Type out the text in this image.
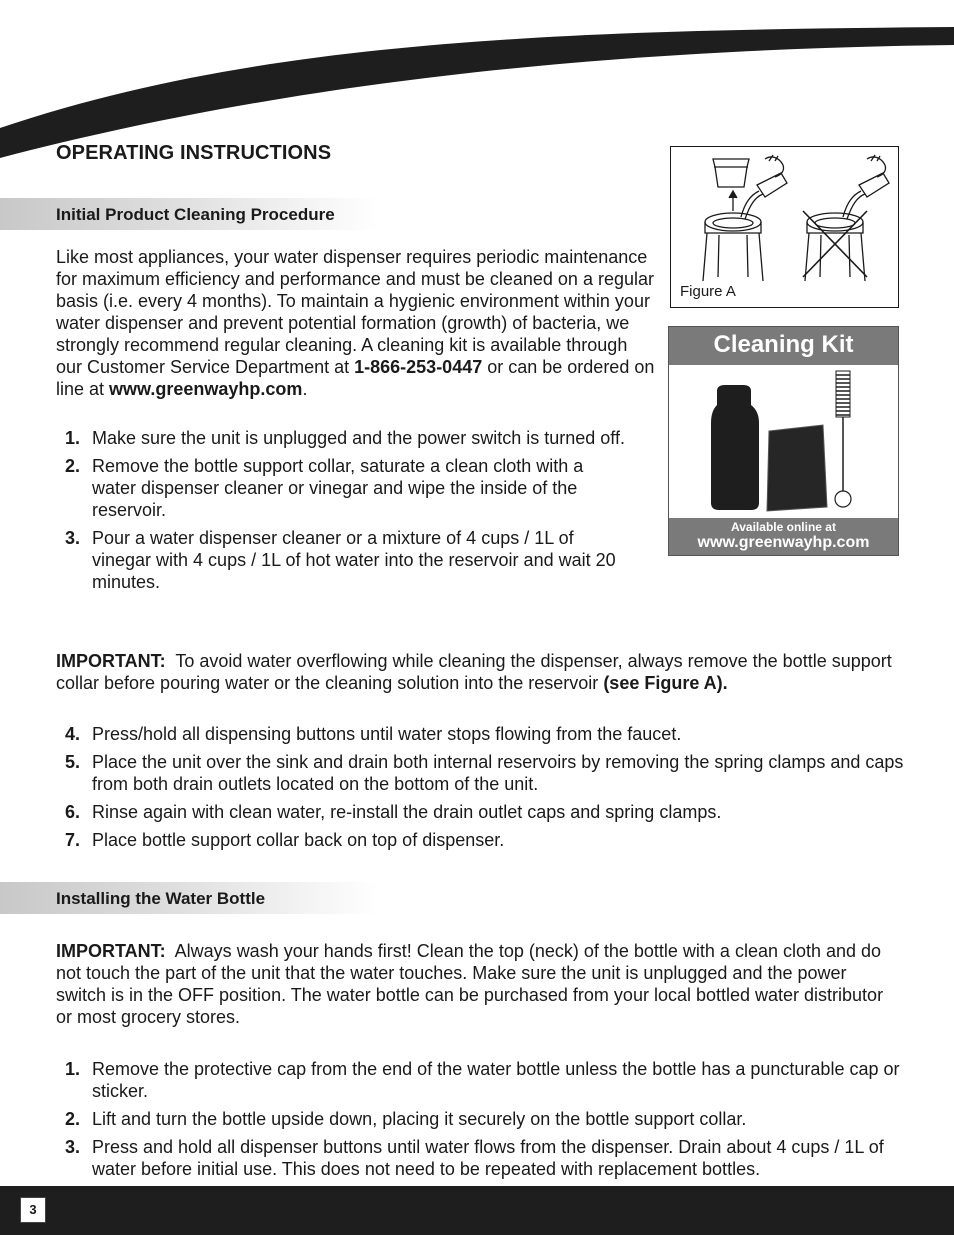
OPERATING INSTRUCTIONS
Initial Product Cleaning Procedure

Like most appliances, your water dispenser requires periodic maintenance for maximum efficiency and performance and must be cleaned on a regular basis (i.e. every 4 months). To maintain a hygienic environment within your water dispenser and prevent potential formation (growth) of bacteria, we strongly recommend regular cleaning. A cleaning kit is available through our Customer Service Department at 1-866-253-0447 or can be ordered on line at www.greenwayhp.com.

1. Make sure the unit is unplugged and the power switch is turned off.
2. Remove the bottle support collar, saturate a clean cloth with a water dispenser cleaner or vinegar and wipe the inside of the reservoir.
3. Pour a water dispenser cleaner or a mixture of 4 cups / 1L of vinegar with 4 cups / 1L of hot water into the reservoir and wait 20 minutes.

IMPORTANT: To avoid water overflowing while cleaning the dispenser, always remove the bottle support collar before pouring water or the cleaning solution into the reservoir (see Figure A).

4. Press/hold all dispensing buttons until water stops flowing from the faucet.
5. Place the unit over the sink and drain both internal reservoirs by removing the spring clamps and caps from both drain outlets located on the bottom of the unit.
6. Rinse again with clean water, re-install the drain outlet caps and spring clamps.
7. Place bottle support collar back on top of dispenser.
Installing the Water Bottle

IMPORTANT: Always wash your hands first! Clean the top (neck) of the bottle with a clean cloth and do not touch the part of the unit that the water touches. Make sure the unit is unplugged and the power switch is in the OFF position. The water bottle can be purchased from your local bottled water distributor or most grocery stores.

1. Remove the protective cap from the end of the water bottle unless the bottle has a puncturable cap or sticker.
2. Lift and turn the bottle upside down, placing it securely on the bottle support collar.
3. Press and hold all dispenser buttons until water flows from the dispenser. Drain about 4 cups / 1L of water before initial use. This does not need to be repeated with replacement bottles.
Figure A
Cleaning Kit
Available online at
www.greenwayhp.com
3
